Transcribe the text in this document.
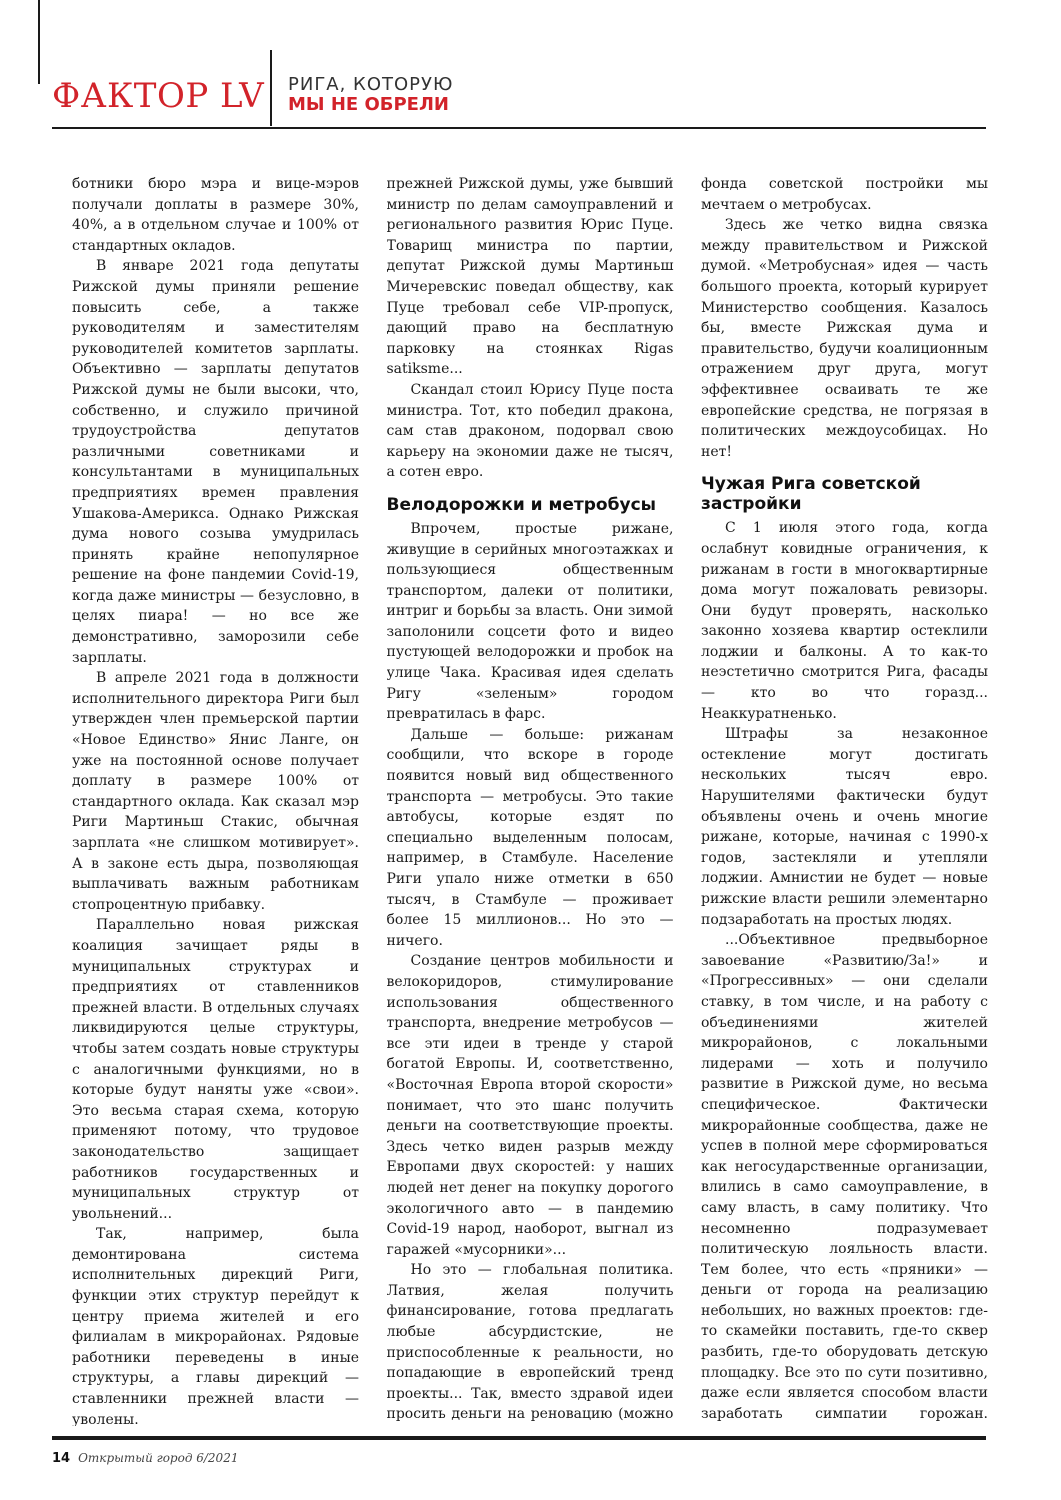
ФАКТОР LV РИГА, КОТОРУЮ
МЫ НЕ ОБРЕЛИ

ботники бюро мэра и вице-мэров получали доплаты в размере 30%, 40%, а в отдельном случае и 100% от стандартных окладов.

В январе 2021 года депутаты Рижской думы приняли решение повысить себе, а также руководителям и заместителям руководителей комитетов зарплаты. Объективно — зарплаты депутатов Рижской думы не были высоки, что, собственно, и служило причиной трудоустройства депутатов различными советниками и консультантами в муниципальных предприятиях времен правления Ушакова-Америкса. Однако Рижская дума нового созыва умудрилась принять крайне непопулярное решение на фоне пандемии Covid-19, когда даже министры — безусловно, в целях пиара! — но все же демонстративно, заморозили себе зарплаты.

В апреле 2021 года в должности исполнительного директора Риги был утвержден член премьерской партии «Новое Единство» Янис Ланге, он уже на постоянной основе получает доплату в размере 100% от стандартного оклада. Как сказал мэр Риги Мартиньш Стакис, обычная зарплата «не слишком мотивирует». А в законе есть дыра, позволяющая выплачивать важным работникам стопроцентную прибавку.

Параллельно новая рижская коалиция зачищает ряды в муниципальных структурах и предприятиях от ставленников прежней власти. В отдельных случаях ликвидируются целые структуры, чтобы затем создать новые структуры с аналогичными функциями, но в которые будут наняты уже «свои». Это весьма старая схема, которую применяют потому, что трудовое законодательство защищает работников государственных и муниципальных структур от увольнений...

Так, например, была демонтирована система исполнительных дирекций Риги, функции этих структур перейдут к центру приема жителей и его филиалам в микрорайонах. Рядовые работники переведены в иные структуры, а главы дирекций — ставленники прежней власти — уволены.

прежней Рижской думы, уже бывший министр по делам самоуправлений и регионального развития Юрис Пуце. Товарищ министра по партии, депутат Рижской думы Мартиньш Мичеревскис поведал обществу, как Пуце требовал себе VIP-пропуск, дающий право на бесплатную парковку на стоянках Rigas satiksme...

Скандал стоил Юрису Пуце поста министра. Тот, кто победил дракона, сам став драконом, подорвал свою карьеру на экономии даже не тысяч, а сотен евро.

Велодорожки и метробусы

Впрочем, простые рижане, живущие в серийных многоэтажках и пользующиеся общественным транспортом, далеки от политики, интриг и борьбы за власть. Они зимой заполонили соцсети фото и видео пустующей велодорожки и пробок на улице Чака. Красивая идея сделать Ригу «зеленым» городом превратилась в фарс.

Дальше — больше: рижанам сообщили, что вскоре в городе появится новый вид общественного транспорта — метробусы. Это такие автобусы, которые ездят по специально выделенным полосам, например, в Стамбуле. Население Риги упало ниже отметки в 650 тысяч, в Стамбуле — проживает более 15 миллионов... Но это — ничего.

Создание центров мобильности и велокоридоров, стимулирование использования общественного транспорта, внедрение метробусов — все эти идеи в тренде у старой богатой Европы. И, соответственно, «Восточная Европа второй скорости» понимает, что это шанс получить деньги на соответствующие проекты. Здесь четко виден разрыв между Европами двух скоростей: у наших людей нет денег на покупку дорогого экологичного авто — в пандемию Covid-19 народ, наоборот, выгнал из гаражей «мусорники»...

Но это — глобальная политика. Латвия, желая получить финансирование, готова предлагать любые абсурдистские, не приспособленные к реальности, но попадающие в европейский тренд проекты... Так, вместо здравой идеи просить деньги на реновацию (можно

фонда советской постройки мы мечтаем о метробусах.

Здесь же четко видна связка между правительством и Рижской думой. «Метробусная» идея — часть большого проекта, который курирует Министерство сообщения. Казалось бы, вместе Рижская дума и правительство, будучи коалиционным отражением друг друга, могут эффективнее осваивать те же европейские средства, не погрязая в политических междоусобицах. Но нет!

Чужая Рига советской застройки

С 1 июля этого года, когда ослабнут ковидные ограничения, к рижанам в гости в многоквартирные дома могут пожаловать ревизоры. Они будут проверять, насколько законно хозяева квартир остеклили лоджии и балконы. А то как-то неэстетично смотрится Рига, фасады — кто во что горазд... Неаккуратненько.

Штрафы за незаконное остекление могут достигать нескольких тысяч евро. Нарушителями фактически будут объявлены очень и очень многие рижане, которые, начиная с 1990-х годов, застекляли и утепляли лоджии. Амнистии не будет — новые рижские власти решили элементарно подзаработать на простых людях.

...Объективное предвыборное завоевание «Развитию/За!» и «Прогрессивных» — они сделали ставку, в том числе, и на работу с объединениями жителей микрорайонов, с локальными лидерами — хоть и получило развитие в Рижской думе, но весьма специфическое. Фактически микрорайонные сообщества, даже не успев в полной мере сформироваться как негосударственные организации, влились в само самоуправление, в саму власть, в саму политику. Что несомненно подразумевает политическую лояльность власти. Тем более, что есть «пряники» — деньги от города на реализацию небольших, но важных проектов: где-то скамейки поставить, где-то сквер разбить, где-то оборудовать детскую площадку. Все это по сути позитивно, даже если является способом власти заработать симпатии горожан.

14 Открытый город 6/2021
